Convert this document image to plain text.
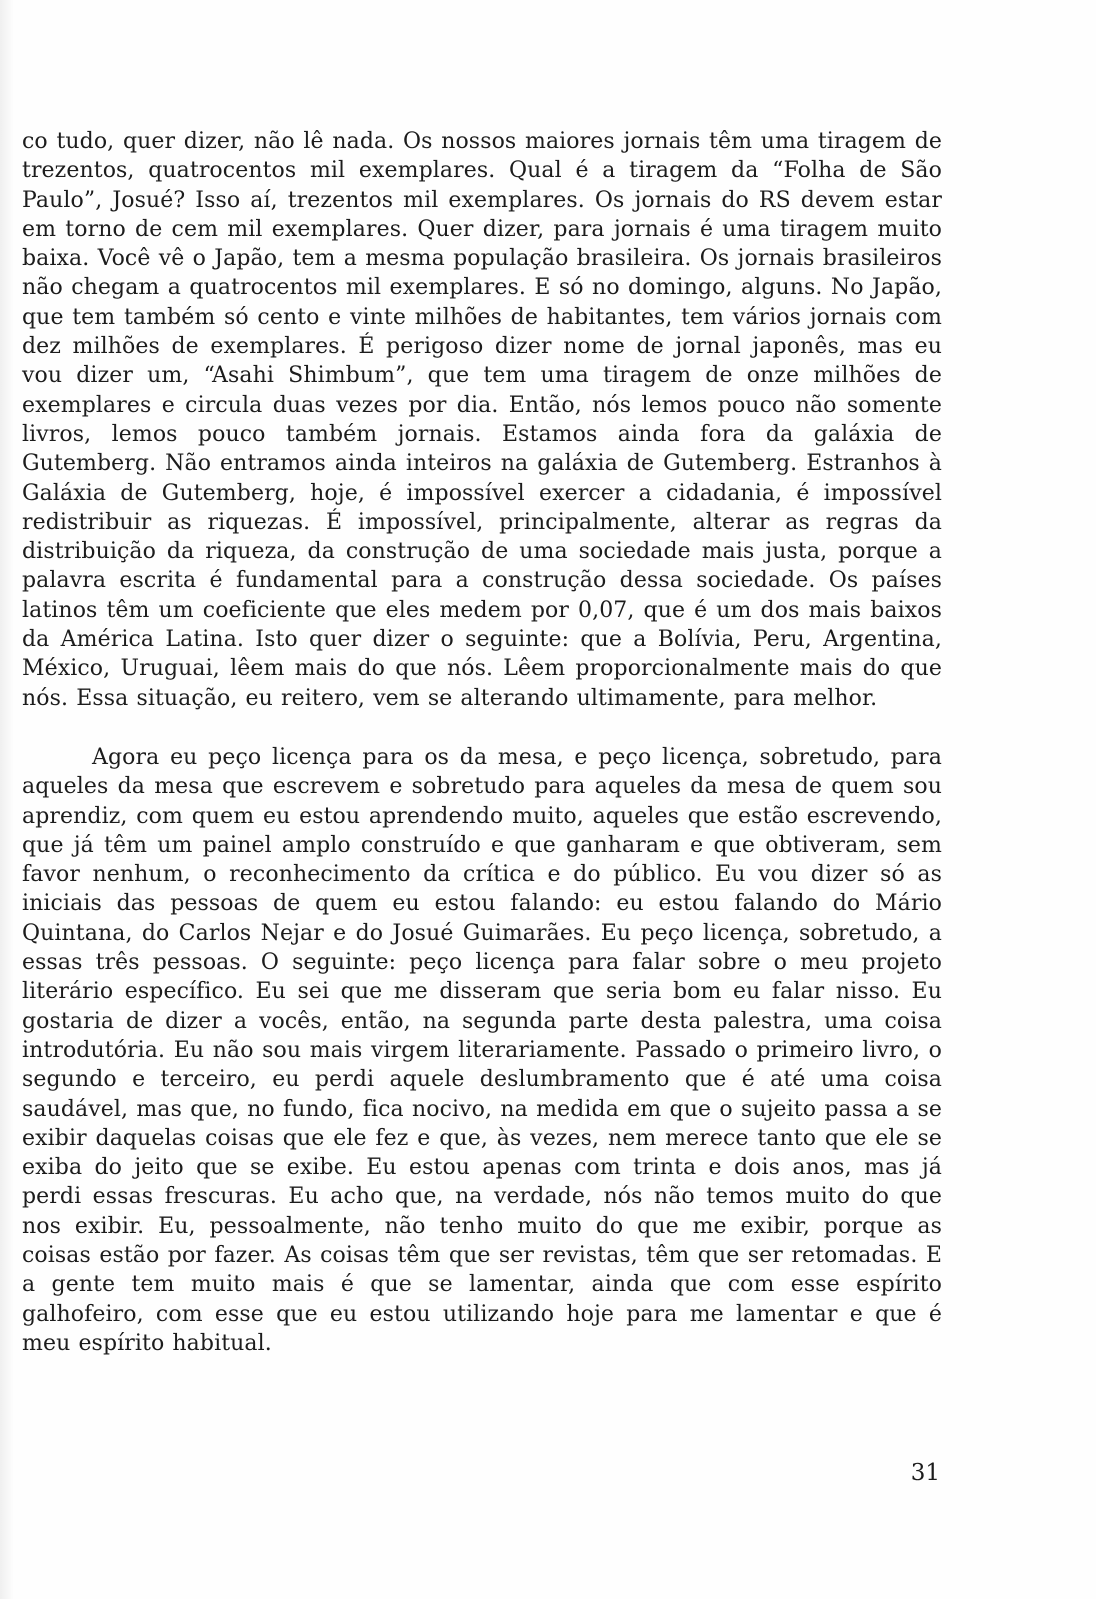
co tudo, quer dizer, não lê nada. Os nossos maiores jornais têm uma tiragem de trezentos, quatrocentos mil exemplares. Qual é a tiragem da “Folha de São Paulo”, Josué? Isso aí, trezentos mil exemplares. Os jornais do RS devem estar em torno de cem mil exemplares. Quer dizer, para jornais é uma tiragem muito baixa. Você vê o Japão, tem a mesma população brasileira. Os jornais brasileiros não chegam a quatrocentos mil exemplares. E só no domingo, alguns. No Japão, que tem também só cento e vinte milhões de habitantes, tem vários jornais com dez milhões de exemplares. É perigoso dizer nome de jornal japonês, mas eu vou dizer um, “Asahi Shimbum”, que tem uma tiragem de onze milhões de exemplares e circula duas vezes por dia. Então, nós lemos pouco não somente livros, lemos pouco também jornais. Estamos ainda fora da galáxia de Gutemberg. Não entramos ainda inteiros na galáxia de Gutemberg. Estranhos à Galáxia de Gutemberg, hoje, é impossível exercer a cidadania, é impossível redistribuir as riquezas. É impossível, principalmente, alterar as regras da distribuição da riqueza, da construção de uma sociedade mais justa, porque a palavra escrita é fundamental para a construção dessa sociedade. Os países latinos têm um coeficiente que eles medem por 0,07, que é um dos mais baixos da América Latina. Isto quer dizer o seguinte: que a Bolívia, Peru, Argentina, México, Uruguai, lêem mais do que nós. Lêem proporcionalmente mais do que nós. Essa situação, eu reitero, vem se alterando ultimamente, para melhor.

Agora eu peço licença para os da mesa, e peço licença, sobretudo, para aqueles da mesa que escrevem e sobretudo para aqueles da mesa de quem sou aprendiz, com quem eu estou aprendendo muito, aqueles que estão escrevendo, que já têm um painel amplo construído e que ganharam e que obtiveram, sem favor nenhum, o reconhecimento da crítica e do público. Eu vou dizer só as iniciais das pessoas de quem eu estou falando: eu estou falando do Mário Quintana, do Carlos Nejar e do Josué Guimarães. Eu peço licença, sobretudo, a essas três pessoas. O seguinte: peço licença para falar sobre o meu projeto literário específico. Eu sei que me disseram que seria bom eu falar nisso. Eu gostaria de dizer a vocês, então, na segunda parte desta palestra, uma coisa introdutória. Eu não sou mais virgem literariamente. Passado o primeiro livro, o segundo e terceiro, eu perdi aquele deslumbramento que é até uma coisa saudável, mas que, no fundo, fica nocivo, na medida em que o sujeito passa a se exibir daquelas coisas que ele fez e que, às vezes, nem merece tanto que ele se exiba do jeito que se exibe. Eu estou apenas com trinta e dois anos, mas já perdi essas frescuras. Eu acho que, na verdade, nós não temos muito do que nos exibir. Eu, pessoalmente, não tenho muito do que me exibir, porque as coisas estão por fazer. As coisas têm que ser revistas, têm que ser retomadas. E a gente tem muito mais é que se lamentar, ainda que com esse espírito galhofeiro, com esse que eu estou utilizando hoje para me lamentar e que é meu espírito habitual.

31
